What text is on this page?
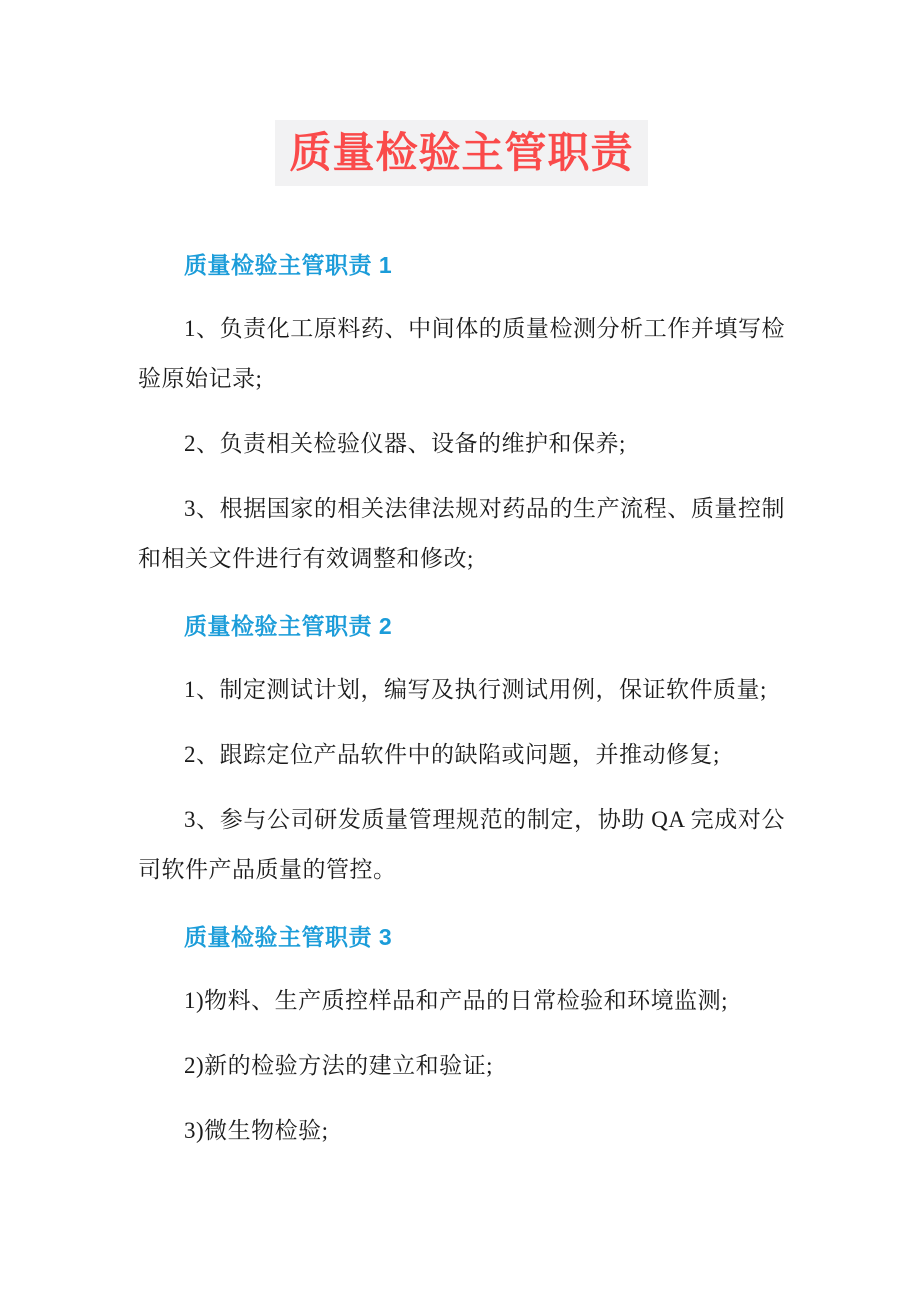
质量检验主管职责
质量检验主管职责 1

1、负责化工原料药、中间体的质量检测分析工作并填写检验原始记录;

2、负责相关检验仪器、设备的维护和保养;

3、根据国家的相关法律法规对药品的生产流程、质量控制和相关文件进行有效调整和修改;

质量检验主管职责 2

1、制定测试计划，编写及执行测试用例，保证软件质量;

2、跟踪定位产品软件中的缺陷或问题，并推动修复;

3、参与公司研发质量管理规范的制定，协助 QA 完成对公司软件产品质量的管控。

质量检验主管职责 3

1)物料、生产质控样品和产品的日常检验和环境监测;

2)新的检验方法的建立和验证;

3)微生物检验;
